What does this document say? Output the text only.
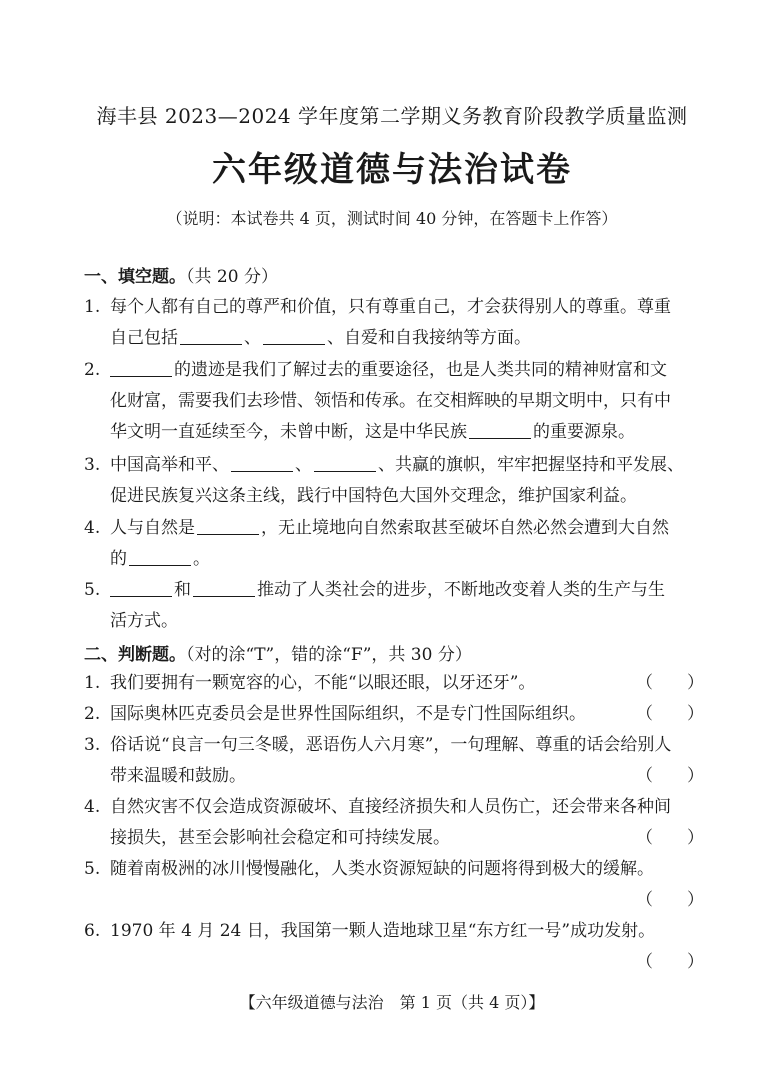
海丰县 2023—2024 学年度第二学期义务教育阶段教学质量监测
六年级道德与法治试卷
（说明：本试卷共 4 页，测试时间 40 分钟，在答题卡上作答）
一、填空题。（共 20 分）
1. 每个人都有自己的尊严和价值，只有尊重自己，才会获得别人的尊重。尊重
自己包括	、	、自爱和自我接纳等方面。
2.	的遗迹是我们了解过去的重要途径，也是人类共同的精神财富和文
化财富，需要我们去珍惜、领悟和传承。在交相辉映的早期文明中，只有中
华文明一直延续至今，未曾中断，这是中华民族	的重要源泉。
3. 中国高举和平、	、	、共赢的旗帜，牢牢把握坚持和平发展、
促进民族复兴这条主线，践行中国特色大国外交理念，维护国家利益。
4. 人与自然是	，无止境地向自然索取甚至破坏自然必然会遭到大自然
的	。
5.	和	推动了人类社会的进步，不断地改变着人类的生产与生
活方式。
二、判断题。（对的涂“T”，错的涂“F”，共 30 分）
1. 我们要拥有一颗宽容的心，不能“以眼还眼，以牙还牙”。	（　　）
2. 国际奥林匹克委员会是世界性国际组织，不是专门性国际组织。	（　　）
3. 俗话说“良言一句三冬暖，恶语伤人六月寒”，一句理解、尊重的话会给别人
带来温暖和鼓励。	（　　）
4. 自然灾害不仅会造成资源破坏、直接经济损失和人员伤亡，还会带来各种间
接损失，甚至会影响社会稳定和可持续发展。	（　　）
5. 随着南极洲的冰川慢慢融化，人类水资源短缺的问题将得到极大的缓解。
（　　）
6. 1970 年 4 月 24 日，我国第一颗人造地球卫星“东方红一号”成功发射。
（　　）
【六年级道德与法治　第 1 页（共 4 页）】
